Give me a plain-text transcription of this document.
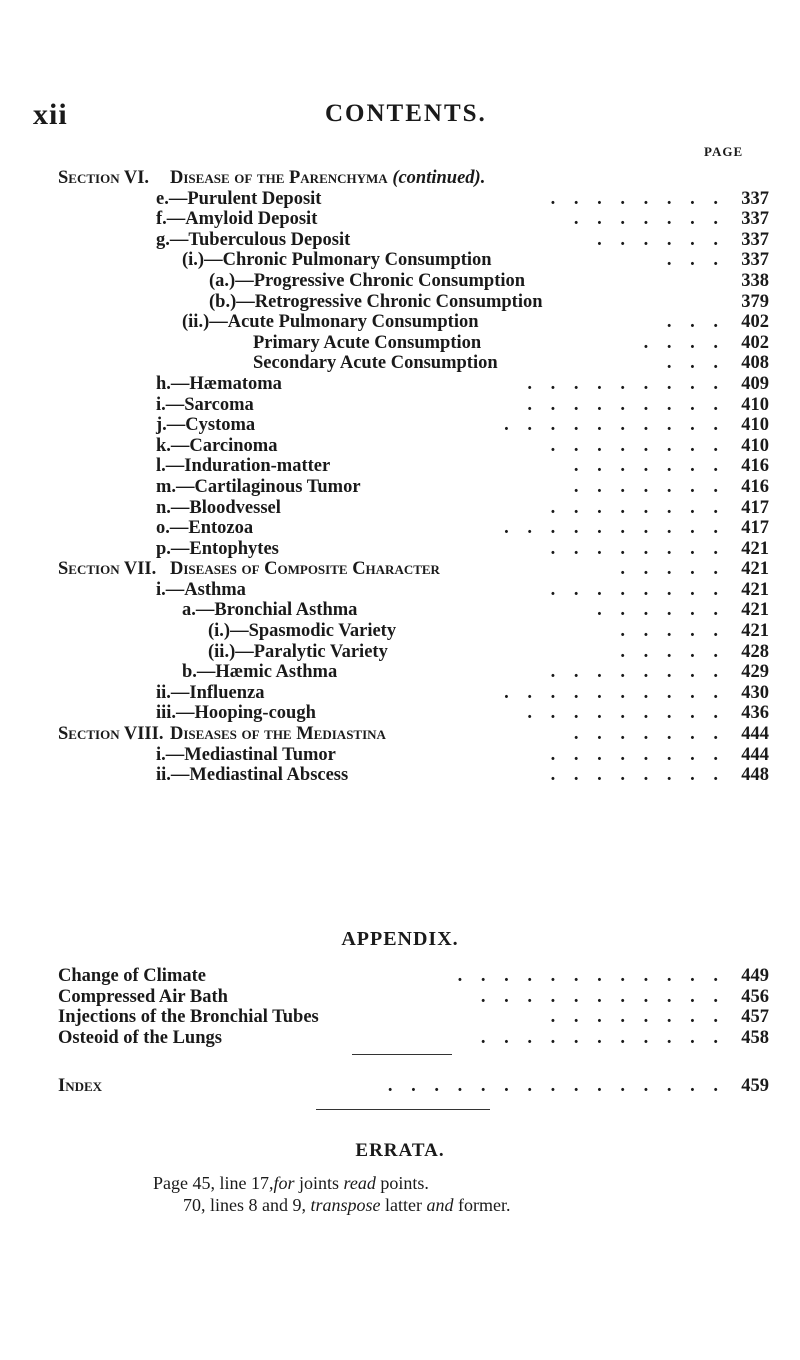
xii	CONTENTS.
PAGE
Section VI. Disease of the Parenchyma (continued).
e.—Purulent Deposit	. . . . . . . . 337
f.—Amyloid Deposit	. . . . . . . 337
g.—Tuberculous Deposit	. . . . . . 337
(i.)—Chronic Pulmonary Consumption	. . . 337
(a.)—Progressive Chronic Consumption	338
(b.)—Retrogressive Chronic Consumption	379
(ii.)—Acute Pulmonary Consumption	. . . 402
Primary Acute Consumption	. . . . 402
Secondary Acute Consumption	. . . 408
h.—Hæmatoma	. . . . . . . . . 409
i.—Sarcoma	. . . . . . . . . 410
j.—Cystoma	. . . . . . . . . . 410
k.—Carcinoma	. . . . . . . . 410
l.—Induration-matter	. . . . . . . 416
m.—Cartilaginous Tumor	. . . . . . . 416
n.—Bloodvessel	. . . . . . . . 417
o.—Entozoa	. . . . . . . . . . 417
p.—Entophytes	. . . . . . . . 421
Section VII. Diseases of Composite Character	. . . . . 421
i.—Asthma	. . . . . . . . 421
a.—Bronchial Asthma	. . . . . . 421
(i.)—Spasmodic Variety	. . . . . 421
(ii.)—Paralytic Variety	. . . . . 428
b.—Hæmic Asthma	. . . . . . . . 429
ii.—Influenza	. . . . . . . . . . 430
iii.—Hooping-cough	. . . . . . . . . 436
Section VIII. Diseases of the Mediastina	. . . . . . . 444
i.—Mediastinal Tumor	. . . . . . . . 444
ii.—Mediastinal Abscess	. . . . . . . . 448
APPENDIX.
Change of Climate	. . . . . . . . . . . . 449
Compressed Air Bath	. . . . . . . . . . . 456
Injections of the Bronchial Tubes	. . . . . . . . 457
Osteoid of the Lungs	. . . . . . . . . . . 458
Index	. . . . . . . . . . . . . . . 459
ERRATA.
Page 45, line 17,for joints read points.
70, lines 8 and 9, transpose latter and former.
